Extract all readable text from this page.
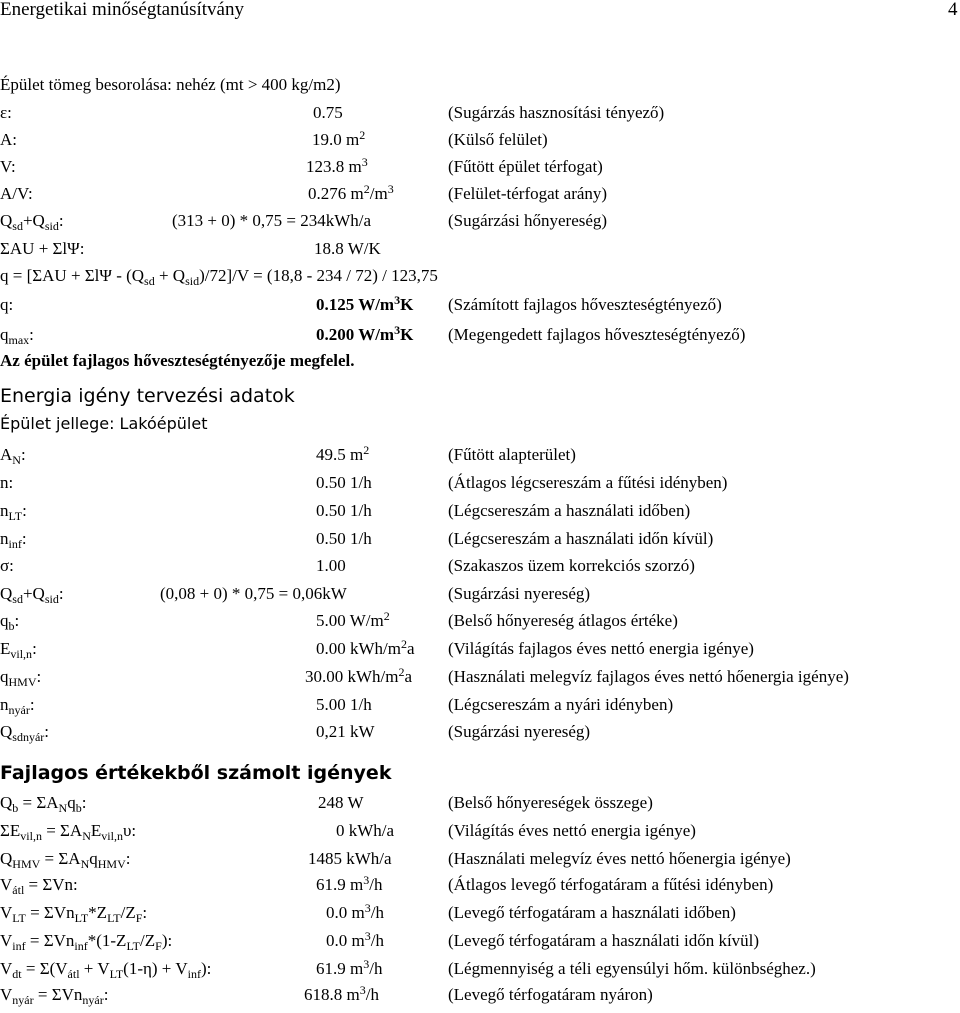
Energetikai minőségtanúsítvány	4
Épület tömeg besorolása: nehéz (mt > 400 kg/m2)
ε:	0.75	(Sugárzás hasznosítási tényező)
A:	19.0 $m^2$	(Külső felület)
V:	123.8 $m^3$	(Fűtött épület térfogat)
A/V:	0.276 $m^2/m^3$	(Felület-térfogat arány)
$Q_{sd}+Q_{sid}$:	(313 + 0) * 0,75 = 234kWh/a	(Sugárzási hőnyereség)
ΣAU + ΣlΨ:	18.8 W/K
$q = [\Sigma AU + \Sigma l\Psi - (Q_{sd} + Q_{sid})/72]/V = (18,8 - 234 / 72) / 123,75$
q:	0.125 $W/m^3K$ (Számított fajlagos hőveszteségtényező)
$q_{max}$:	0.200 $W/m^3K$ (Megengedett fajlagos hőveszteségtényező)
Az épület fajlagos hőveszteségtényezője megfelel.
Energia igény tervezési adatok
Épület jellege: Lakóépület
$A_N$:	49.5 $m^2$	(Fűtött alapterület)
n:	0.50 1/h	(Átlagos légcsereszám a fűtési idényben)
$n_{LT}$:	0.50 1/h	(Légcsereszám a használati időben)
$n_{inf}$:	0.50 1/h	(Légcsereszám a használati időn kívül)
σ:	1.00	(Szakaszos üzem korrekciós szorzó)
$Q_{sd}+Q_{sid}$:	(0,08 + 0) * 0,75 = 0,06kW	(Sugárzási nyereség)
$q_b$:	5.00 $W/m^2$	(Belső hőnyereség átlagos értéke)
$E_{vil,n}$:	0.00 kWh/$m^2a$ (Világítás fajlagos éves nettó energia igénye)
$q_{HMV}$:	30.00 kWh/$m^2a$ (Használati melegvíz fajlagos éves nettó hőenergia igénye)
$n_{nyár}$:	5.00 1/h	(Légcsereszám a nyári idényben)
$Q_{sdnyár}$:	0,21 kW	(Sugárzási nyereség)
Fajlagos értékekből számolt igények
$Q_b = \Sigma A_Nq_b$:	248 W	(Belső hőnyereségek összege)
$\Sigma E_{vil,n} = \Sigma A_NE_{vil,n}\upsilon$:	0 kWh/a	(Világítás éves nettó energia igénye)
$Q_{HMV} = \Sigma A_Nq_{HMV}$:	1485 kWh/a	(Használati melegvíz éves nettó hőenergia igénye)
$V_{átl} = \Sigma Vn$:	61.9 $m^3/h$	(Átlagos levegő térfogatáram a fűtési idényben)
$V_{LT} = \Sigma Vn_{LT}*Z_{LT}/Z_F$:	0.0 $m^3/h$	(Levegő térfogatáram a használati időben)
$V_{inf} = \Sigma Vn_{inf}*(1-Z_{LT}/Z_F)$:	0.0 $m^3/h$	(Levegő térfogatáram a használati időn kívül)
$V_{dt} = \Sigma(V_{átl} + V_{LT}(1-\eta) + V_{inf})$:	61.9 $m^3/h$	(Légmennyiség a téli egyensúlyi hőm. különbséghez.)
$V_{nyár} = \Sigma Vn_{nyár}$:	618.8 $m^3/h$	(Levegő térfogatáram nyáron)
